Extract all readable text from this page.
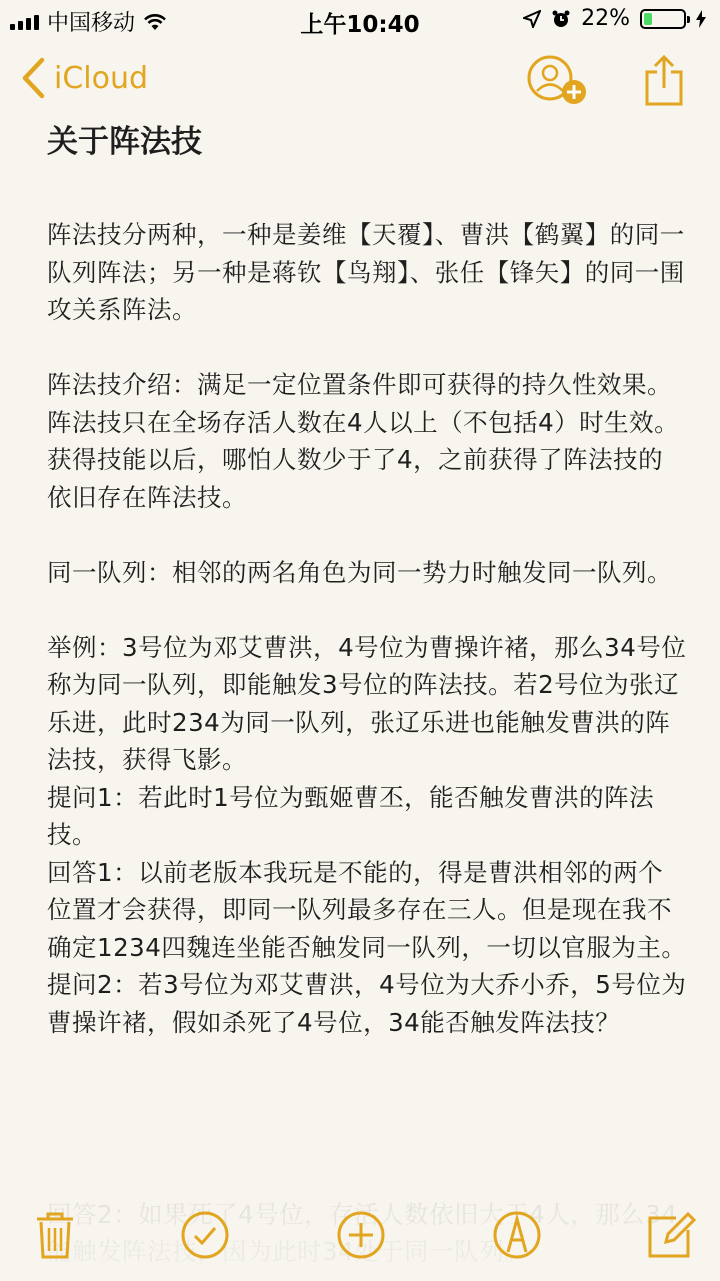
中国移动	上午10:40	22%
iCloud
关于阵法技

阵法技分两种，一种是姜维【天覆】、曹洪【鹤翼】的同一队列阵法；另一种是蒋钦【鸟翔】、张任【锋矢】的同一围攻关系阵法。

阵法技介绍：满足一定位置条件即可获得的持久性效果。阵法技只在全场存活人数在4人以上（不包括4）时生效。获得技能以后，哪怕人数少于了4，之前获得了阵法技的依旧存在阵法技。

同一队列：相邻的两名角色为同一势力时触发同一队列。

举例：3号位为邓艾曹洪，4号位为曹操许褚，那么34号位称为同一队列，即能触发3号位的阵法技。若2号位为张辽乐进，此时234为同一队列，张辽乐进也能触发曹洪的阵法技，获得飞影。

提问1：若此时1号位为甄姬曹丕，能否触发曹洪的阵法技。

回答1：以前老版本我玩是不能的，得是曹洪相邻的两个位置才会获得，即同一队列最多存在三人。但是现在我不确定1234四魏连坐能否触发同一队列，一切以官服为主。

提问2：若3号位为邓艾曹洪，4号位为大乔小乔，5号位为曹操许褚，假如杀死了4号位，34能否触发阵法技？
